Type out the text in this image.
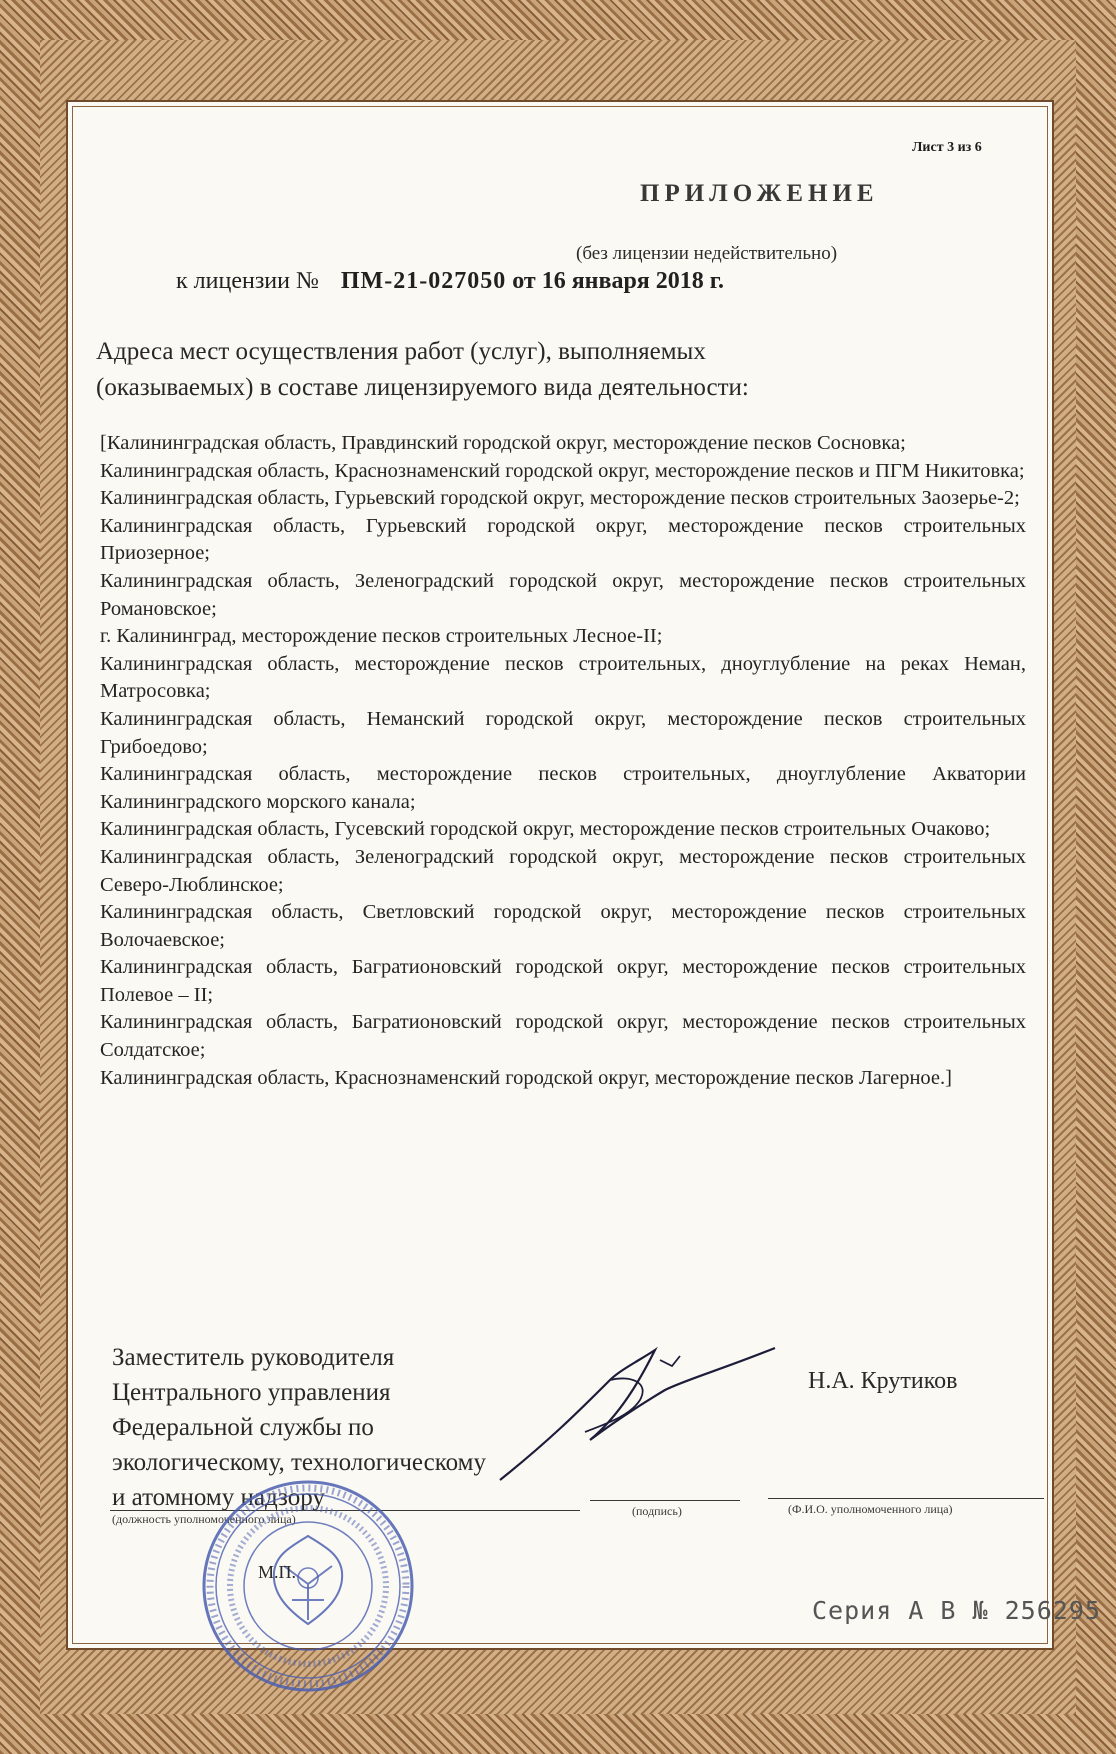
Лист 3 из 6
ПРИЛОЖЕНИЕ
(без лицензии недействительно)
к лицензии № ПМ-21-027050 от 16 января 2018 г.
Адреса мест осуществления работ (услуг), выполняемых
(оказываемых) в составе лицензируемого вида деятельности:
[Калининградская область, Правдинский городской округ, месторождение песков Сосновка;
Калининградская область, Краснознаменский городской округ, месторождение песков и ПГМ Никитовка;
Калининградская область, Гурьевский городской округ, месторождение песков строительных Заозерье-2;
Калининградская область, Гурьевский городской округ, месторождение песков строительных Приозерное;
Калининградская область, Зеленоградский городской округ, месторождение песков строительных Романовское;
г. Калининград, месторождение песков строительных Лесное-II;
Калининградская область, месторождение песков строительных, дноуглубление на реках Неман, Матросовка;
Калининградская область, Неманский городской округ, месторождение песков строительных Грибоедово;
Калининградская область, месторождение песков строительных, дноуглубление Акватории Калининградского морского канала;
Калининградская область, Гусевский городской округ, месторождение песков строительных Очаково;
Калининградская область, Зеленоградский городской округ, месторождение песков строительных Северо-Люблинское;
Калининградская область, Светловский городской округ, месторождение песков строительных Волочаевское;
Калининградская область, Багратионовский городской округ, месторождение песков строительных Полевое – II;
Калининградская область, Багратионовский городской округ, месторождение песков строительных Солдатское;
Калининградская область, Краснознаменский городской округ, месторождение песков Лагерное.]
Заместитель руководителя
Центрального управления
Федеральной службы по
экологическому, технологическому
и атомному надзору
Н.А. Крутиков
(должность уполномоченного лица)
(подпись)	(Ф.И.О. уполномоченного лица)
М.П.
Серия А В № 256295
